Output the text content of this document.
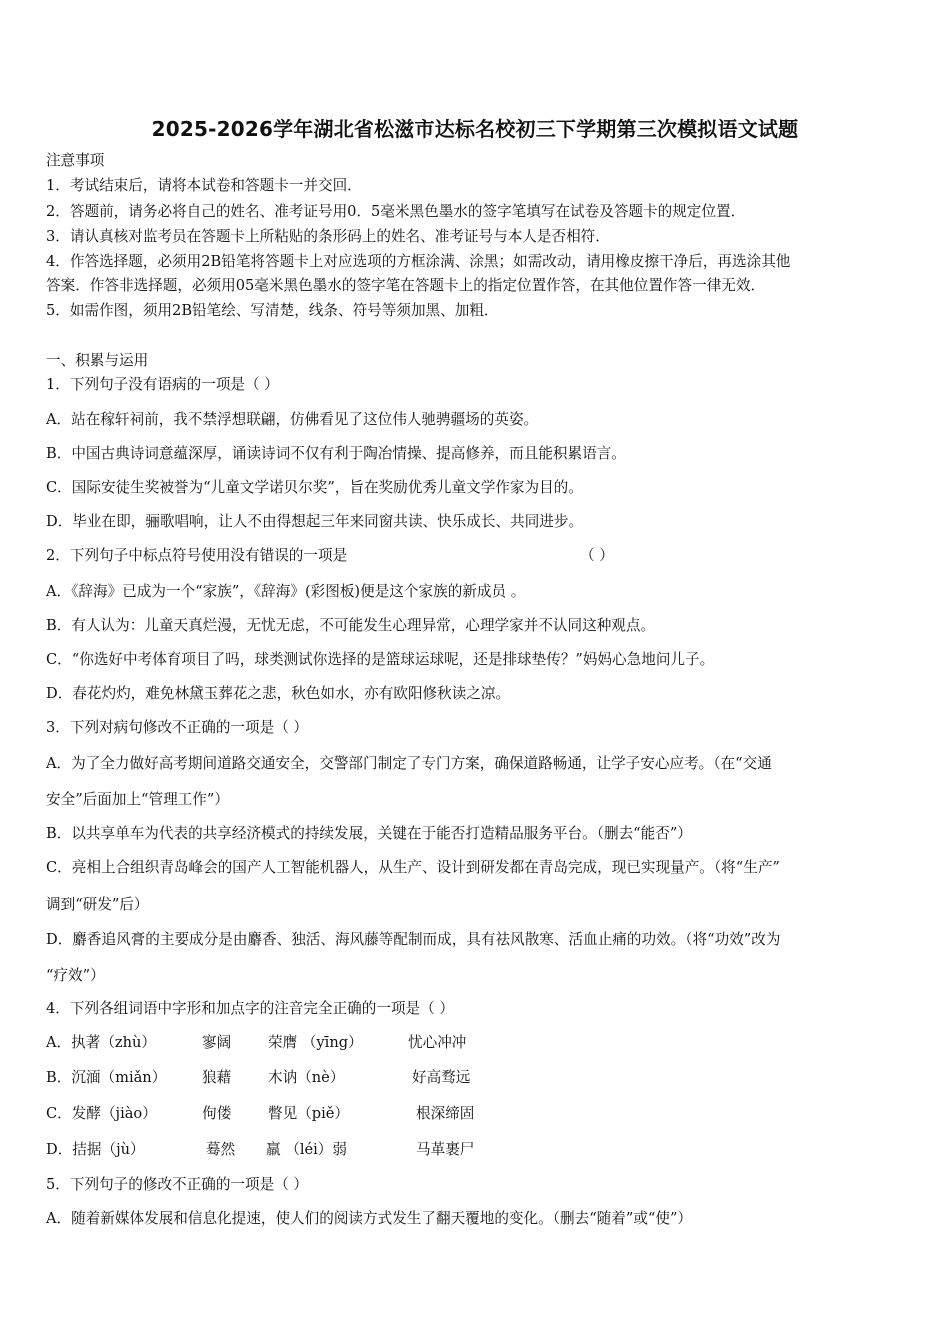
2025-2026学年湖北省松滋市达标名校初三下学期第三次模拟语文试题
注意事项
1．考试结束后，请将本试卷和答题卡一并交回．
2．答题前，请务必将自己的姓名、准考证号用0．5毫米黑色墨水的签字笔填写在试卷及答题卡的规定位置．
3．请认真核对监考员在答题卡上所粘贴的条形码上的姓名、准考证号与本人是否相符．
4．作答选择题，必须用2B铅笔将答题卡上对应选项的方框涂满、涂黑；如需改动，请用橡皮擦干净后，再选涂其他
答案．作答非选择题，必须用05毫米黑色墨水的签字笔在答题卡上的指定位置作答，在其他位置作答一律无效．
5．如需作图，须用2B铅笔绘、写清楚，线条、符号等须加黑、加粗．
一、积累与运用
1．下列句子没有语病的一项是（ ）
A．站在稼轩祠前，我不禁浮想联翩，仿佛看见了这位伟人驰骋疆场的英姿。
B．中国古典诗词意蕴深厚，诵读诗词不仅有利于陶冶情操、提高修养，而且能积累语言。
C．国际安徒生奖被誉为“儿童文学诺贝尔奖”，旨在奖励优秀儿童文学作家为目的。
D．毕业在即，骊歌唱响，让人不由得想起三年来同窗共读、快乐成长、共同进步。
2．下列句子中标点符号使用没有错误的一项是	（ ）
A．《辞海》已成为一个“家族”，《辞海》(彩图板)便是这个家族的新成员 。
B．有人认为：儿童天真烂漫，无忧无虑，不可能发生心理异常，心理学家并不认同这种观点。
C．“你选好中考体育项目了吗，球类测试你选择的是篮球运球呢，还是排球垫传？”妈妈心急地问儿子。
D．春花灼灼，难免林黛玉葬花之悲，秋色如水，亦有欧阳修秋读之凉。
3．下列对病句修改不正确的一项是（ ）
A．为了全力做好高考期间道路交通安全，交警部门制定了专门方案，确保道路畅通，让学子安心应考。（在“交通
安全”后面加上“管理工作”）
B．以共享单车为代表的共享经济模式的持续发展，关键在于能否打造精品服务平台。（删去“能否”）
C．亮相上合组织青岛峰会的国产人工智能机器人，从生产、设计到研发都在青岛完成，现已实现量产。（将“生产”
调到“研发”后）
D．麝香追风膏的主要成分是由麝香、独活、海风藤等配制而成，具有祛风散寒、活血止痛的功效。（将“功效”改为
“疗效”）
4．下列各组词语中字形和加点字的注音完全正确的一项是（ ）
A．执著（zhù）	寥阔	荣膺 （yīng）	忧心冲冲
B．沉湎（miǎn） 狼藉	木讷（nè）	好高骛远
C．发酵（jiào）	佝偻	瞥见（piě）	根深缔固
D．拮据（jù）	蓦然 羸 （léi）弱	马革裹尸
5．下列句子的修改不正确的一项是（ ）
A．随着新媒体发展和信息化提速，使人们的阅读方式发生了翻天覆地的变化。（删去“随着”或“使”）
